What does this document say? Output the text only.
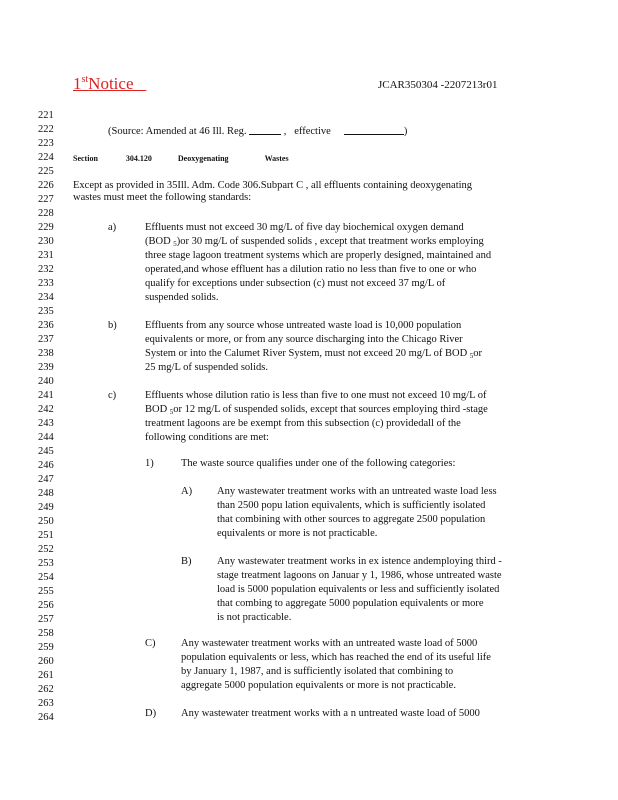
1stNotice	JCAR350304 -2207213r01
221
222
223
224
225
226
227
228
229
230
231
232
233
234
235
236
237
238
239
240
241
242
243
244
245
246
247
248
249
250
251
252
253
254
255
256
257
258
259
260
261
262
263
264
(Source: Amended at 46 Ill. Reg.	,   effective	)
Section	304.120	Deoxygenating	Wastes
Except as provided in 35Ill. Adm. Code 306.Subpart C , all effluents containing deoxygenating
wastes must meet the following standards:
a)	Effluents must not exceed 30 mg/L of five day biochemical oxygen demand
(BOD $_5$)or 30 mg/L of suspended solids , except that treatment works employing
three stage lagoon treatment systems which are properly designed, maintained and
operated,and whose effluent has a dilution ratio no less than five to one or who
qualify for exceptions under subsection (c) must not exceed 37 mg/L of
suspended solids.
b)	Effluents from any source whose untreated waste load is 10,000 population
equivalents or more, or from any source discharging into the Chicago River
System or into the Calumet River System, must not exceed 20 mg/L of BOD $_5$or
25 mg/L of suspended solids.
c)	Effluents whose dilution ratio is less than five to one must not exceed 10 mg/L of
BOD $_5$or 12 mg/L of suspended solids, except that sources employing third -stage
treatment lagoons are be exempt from this subsection (c) providedall of the
following conditions are met:
1)	The waste source qualifies under one of the following categories:
A) Any wastewater treatment works with an untreated waste load less
than 2500 popu lation equivalents, which is sufficiently isolated
that combining with other sources to aggregate 2500 population
equivalents or more is not practicable.
B) Any wastewater treatment works in ex istence andemploying third -
stage treatment lagoons on Januar y 1, 1986, whose untreated waste
load is 5000 population equivalents or less and sufficiently isolated
that combing to aggregate 5000 population equivalents or more
is not practicable.
C) Any wastewater treatment works with an untreated waste load of 5000
population equivalents or less, which has reached the end of its useful life
by January 1, 1987, and is sufficiently isolated that combining to
aggregate 5000 population equivalents or more is not practicable.
D) Any wastewater treatment works with a n untreated waste load of 5000
